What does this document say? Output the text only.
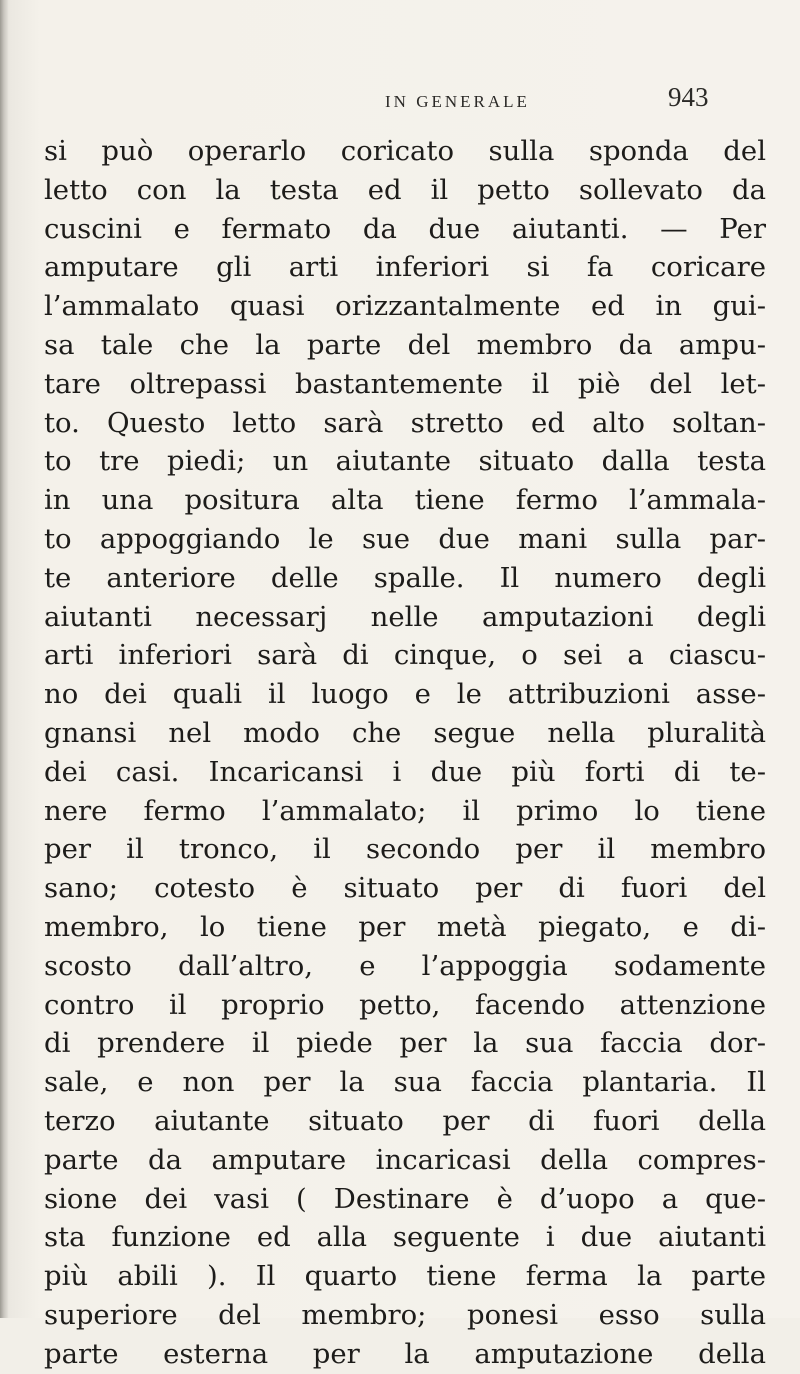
IN GENERALE	943
si può operarlo coricato sulla sponda del
letto con la testa ed il petto sollevato da
cuscini e fermato da due aiutanti. — Per
amputare gli arti inferiori si fa coricare
l’ammalato quasi orizzantalmente ed in gui-
sa tale che la parte del membro da ampu-
tare oltrepassi bastantemente il piè del let-
to. Questo letto sarà stretto ed alto soltan-
to tre piedi; un aiutante situato dalla testa
in una positura alta tiene fermo l’ammala-
to appoggiando le sue due mani sulla par-
te anteriore delle spalle. Il numero degli
aiutanti necessarj nelle amputazioni degli
arti inferiori sarà di cinque, o sei a ciascu-
no dei quali il luogo e le attribuzioni asse-
gnansi nel modo che segue nella pluralità
dei casi. Incaricansi i due più forti di te-
nere fermo l’ammalato; il primo lo tiene
per il tronco, il secondo per il membro
sano; cotesto è situato per di fuori del
membro, lo tiene per metà piegato, e di-
scosto dall’altro, e l’appoggia sodamente
contro il proprio petto, facendo attenzione
di prendere il piede per la sua faccia dor-
sale, e non per la sua faccia plantaria. Il
terzo aiutante situato per di fuori della
parte da amputare incaricasi della compres-
sione dei vasi ( Destinare è d’uopo a que-
sta funzione ed alla seguente i due aiutanti
più abili ). Il quarto tiene ferma la parte
superiore del membro; ponesi esso sulla
parte esterna per la amputazione della
